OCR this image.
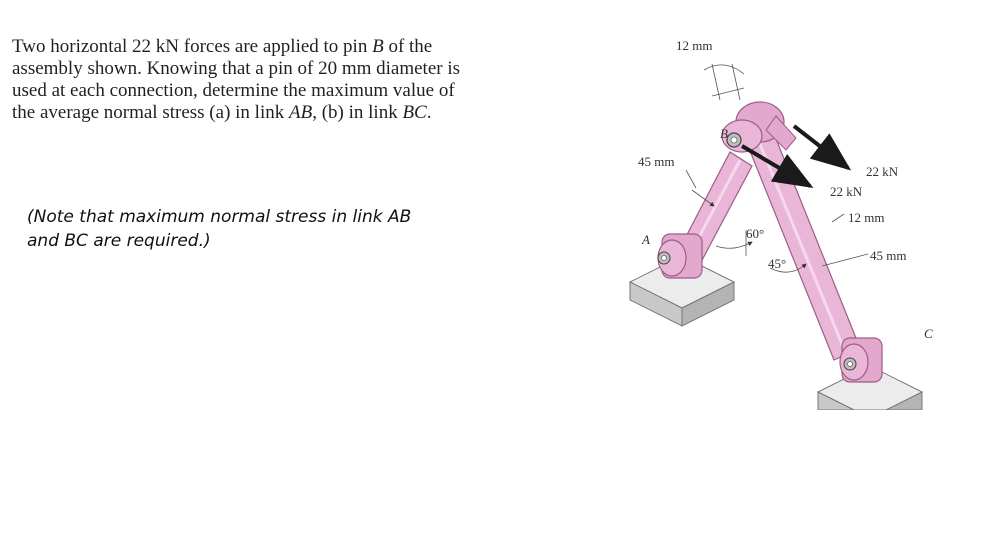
Two horizontal 22 kN forces are applied to pin B of the
assembly shown. Knowing that a pin of 20 mm diameter is
used at each connection, determine the maximum value of
the average normal stress (a) in link AB, (b) in link BC.
(Note that maximum normal stress in link AB
and BC are required.)
12 mm
B
45 mm
22 kN
22 kN
12 mm
A	60°
45°
45 mm
C
